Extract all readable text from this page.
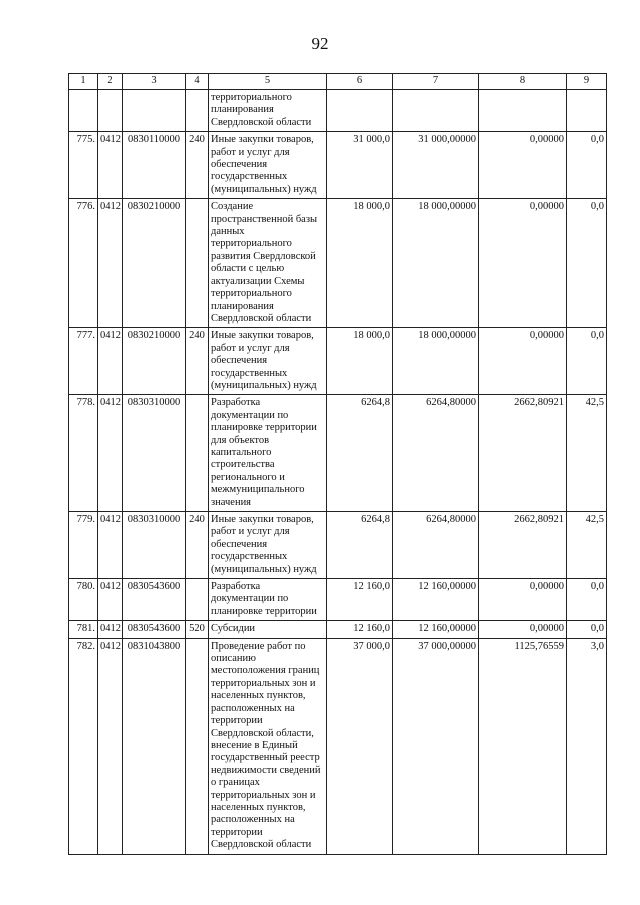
92
1	2	3	4	5	6	7	8	9
				территориального планирования Свердловской области				
775.	0412	0830110000	240	Иные закупки товаров, работ и услуг для обеспечения государственных (муниципальных) нужд	31 000,0	31 000,00000	0,00000	0,0
776.	0412	0830210000		Создание пространственной базы данных территориального развития Свердловской области с целью актуализации Схемы территориального планирования Свердловской области	18 000,0	18 000,00000	0,00000	0,0
777.	0412	0830210000	240	Иные закупки товаров, работ и услуг для обеспечения государственных (муниципальных) нужд	18 000,0	18 000,00000	0,00000	0,0
778.	0412	0830310000		Разработка документации по планировке территории для объектов капитального строительства регионального и межмуниципального значения	6264,8	6264,80000	2662,80921	42,5
779.	0412	0830310000	240	Иные закупки товаров, работ и услуг для обеспечения государственных (муниципальных) нужд	6264,8	6264,80000	2662,80921	42,5
780.	0412	0830543600		Разработка документации по планировке территории	12 160,0	12 160,00000	0,00000	0,0
781.	0412	0830543600	520	Субсидии	12 160,0	12 160,00000	0,00000	0,0
782.	0412	0831043800		Проведение работ по описанию местоположения границ территориальных зон и населенных пунктов, расположенных на территории Свердловской области, внесение в Единый государственный реестр недвижимости сведений о границах территориальных зон и населенных пунктов, расположенных на территории Свердловской области	37 000,0	37 000,00000	1125,76559	3,0
